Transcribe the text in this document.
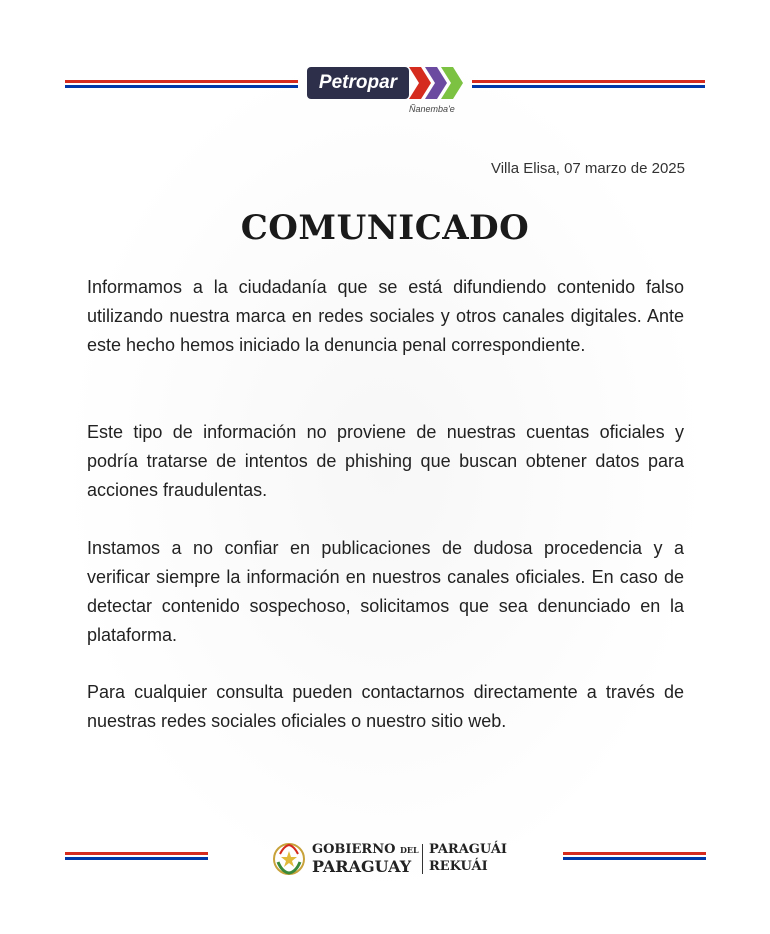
Petropar
Ñanemba'e
Villa Elisa, 07 marzo de 2025
COMUNICADO

Informamos a la ciudadanía que se está difundiendo contenido falso utilizando nuestra marca en redes sociales y otros canales digitales. Ante este hecho hemos iniciado la denuncia penal correspondiente.

Este tipo de información no proviene de nuestras cuentas oficiales y podría tratarse de intentos de phishing que buscan obtener datos para acciones fraudulentas.

Instamos a no confiar en publicaciones de dudosa procedencia y a verificar siempre la información en nuestros canales oficiales. En caso de detectar contenido sospechoso, solicitamos que sea denunciado en la plataforma.

Para cualquier consulta pueden contactarnos directamente a través de nuestras redes sociales oficiales o nuestro sitio web.

GOBIERNO DEL
PARAGUAY
PARAGUÁI
REKUÁI
